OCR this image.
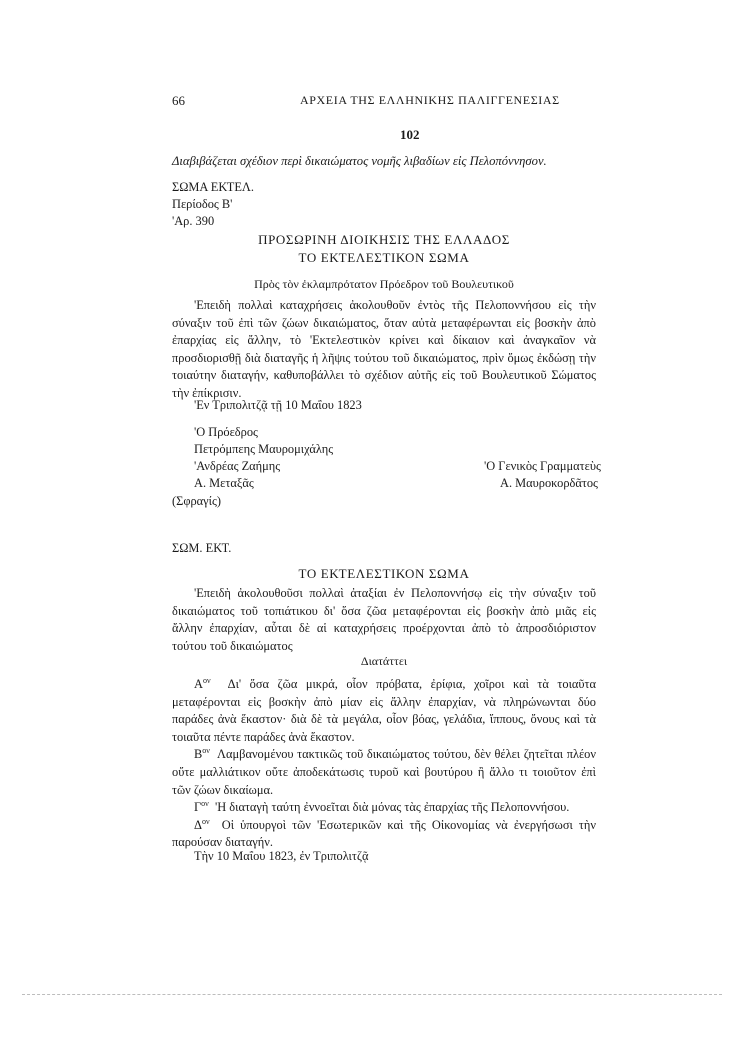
66	ΑΡΧΕΙΑ ΤΗΣ ΕΛΛΗΝΙΚΗΣ ΠΑΛΙΓΓΕΝΕΣΙΑΣ
102
Διαβιβάζεται σχέδιον περὶ δικαιώματος νομῆς λιβαδίων εἰς Πελοπόννησον.
ΣΩΜΑ ΕΚΤΕΛ.
Περίοδος Β'
'Αρ. 390
ΠΡΟΣΩΡΙΝΗ ΔΙΟΙΚΗΣΙΣ ΤΗΣ ΕΛΛΑΔΟΣ
ΤΟ ΕΚΤΕΛΕΣΤΙΚΟΝ ΣΩΜΑ
Πρὸς τὸν ἐκλαμπρότατον Πρόεδρον τοῦ Βουλευτικοῦ

'Επειδὴ πολλαὶ καταχρήσεις ἀκολουθοῦν ἐντὸς τῆς Πελοποννήσου εἰς τὴν σύναξιν τοῦ ἐπὶ τῶν ζώων δικαιώματος, ὅταν αὐτὰ μεταφέρωνται εἰς βοσκὴν ἀπὸ ἐπαρχίας εἰς ἄλλην, τὸ 'Εκτελεστικὸν κρίνει καὶ δίκαιον καὶ ἀναγκαῖον νὰ προσδιορισθῇ διὰ διαταγῆς ἡ λῆψις τούτου τοῦ δικαιώματος, πρὶν ὅμως ἐκδώσῃ τὴν τοιαύτην διαταγήν, καθυποβάλλει τὸ σχέδιον αὐτῆς εἰς τοῦ Βουλευτικοῦ Σώματος τὴν ἐπίκρισιν.

'Εν Τριπολιτζᾷ τῇ 10 Μαΐου 1823
'Ο Πρόεδρος
Πετρόμπεης Μαυρομιχάλης
'Ανδρέας Ζαήμης
Α. Μεταξᾶς
'Ο Γενικὸς Γραμματεὺς
Α. Μαυροκορδᾶτος
(Σφραγίς)
ΣΩΜ. ΕΚΤ.
ΤΟ ΕΚΤΕΛΕΣΤΙΚΟΝ ΣΩΜΑ

'Επειδὴ ἀκολουθοῦσι πολλαὶ ἀταξίαι ἐν Πελοποννήσῳ εἰς τὴν σύναξιν τοῦ δικαιώματος τοῦ τοπιάτικου δι' ὅσα ζῶα μεταφέρονται εἰς βοσκὴν ἀπὸ μιᾶς εἰς ἄλλην ἐπαρχίαν, αὗται δὲ αἱ καταχρήσεις προέρχονται ἀπὸ τὸ ἀπροσδιόριστον τούτου τοῦ δικαιώματος

Διατάττει

$A^{o\nu}$ Δι' ὅσα ζῶα μικρά, οἷον πρόβατα, ἐρίφια, χοῖροι καὶ τὰ τοιαῦτα μεταφέρονται εἰς βοσκὴν ἀπὸ μίαν εἰς ἄλλην ἐπαρχίαν, νὰ πληρώνωνται δύο παράδες ἀνὰ ἕκαστον· διὰ δὲ τὰ μεγάλα, οἷον βόας, γελάδια, ἵππους, ὄνους καὶ τὰ τοιαῦτα πέντε παράδες ἀνὰ ἕκαστον.

$B^{o\nu}$ Λαμβανομένου τακτικῶς τοῦ δικαιώματος τούτου, δὲν θέλει ζητεῖται πλέον οὔτε μαλλιάτικον οὔτε ἀποδεκάτωσις τυροῦ καὶ βουτύρου ἢ ἄλλο τι τοιοῦτον ἐπὶ τῶν ζώων δικαίωμα.

$\Gamma^{o\nu}$ 'Η διαταγὴ ταύτη ἐννοεῖται διὰ μόνας τὰς ἐπαρχίας τῆς Πελοποννήσου.

$\Delta^{o\nu}$ Οἱ ὑπουργοὶ τῶν 'Εσωτερικῶν καὶ τῆς Οἰκονομίας νὰ ἐνεργήσωσι τὴν παρούσαν διαταγήν.

Τὴν 10 Μαΐου 1823, ἐν Τριπολιτζᾷ
